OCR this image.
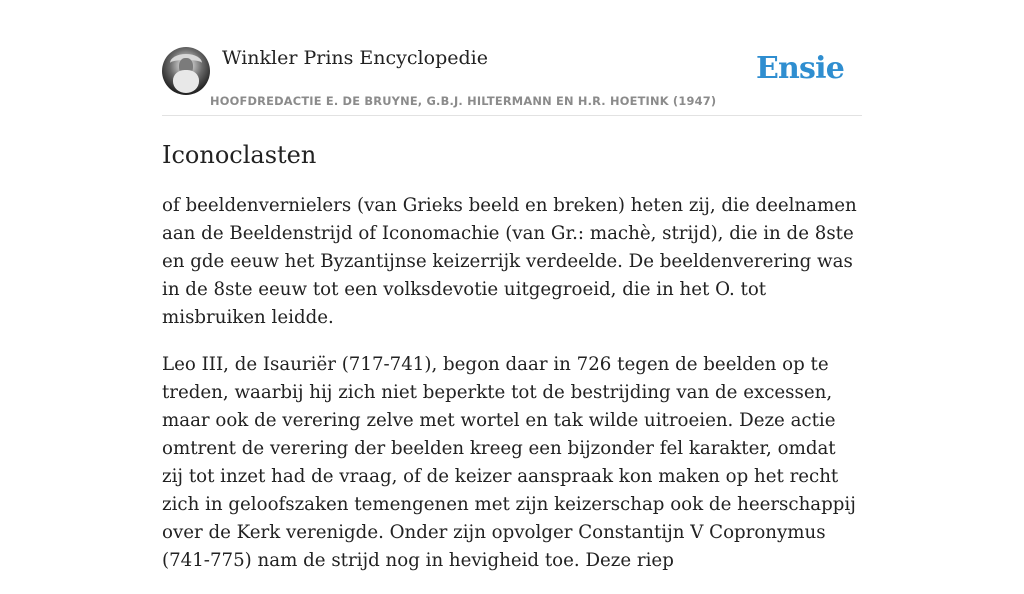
Winkler Prins Encyclopedie
HOOFDREDACTIE E. DE BRUYNE, G.B.J. HILTERMANN EN H.R. HOETINK (1947)
Ensie
Iconoclasten

of beeldenvernielers (van Grieks beeld en breken) heten zij, die deelnamen aan de Beeldenstrijd of Iconomachie (van Gr.: machè, strijd), die in de 8ste en gde eeuw het Byzantijnse keizerrijk verdeelde. De beeldenverering was in de 8ste eeuw tot een volksdevotie uitgegroeid, die in het O. tot misbruiken leidde.

Leo III, de Isauriër (717-741), begon daar in 726 tegen de beelden op te treden, waarbij hij zich niet beperkte tot de bestrijding van de excessen, maar ook de verering zelve met wortel en tak wilde uitroeien. Deze actie omtrent de verering der beelden kreeg een bijzonder fel karakter, omdat zij tot inzet had de vraag, of de keizer aanspraak kon maken op het recht zich in geloofszaken temengenen met zijn keizerschap ook de heerschappij over de Kerk verenigde. Onder zijn opvolger Constantijn V Copronymus (741-775) nam de strijd nog in hevigheid toe. Deze riep
